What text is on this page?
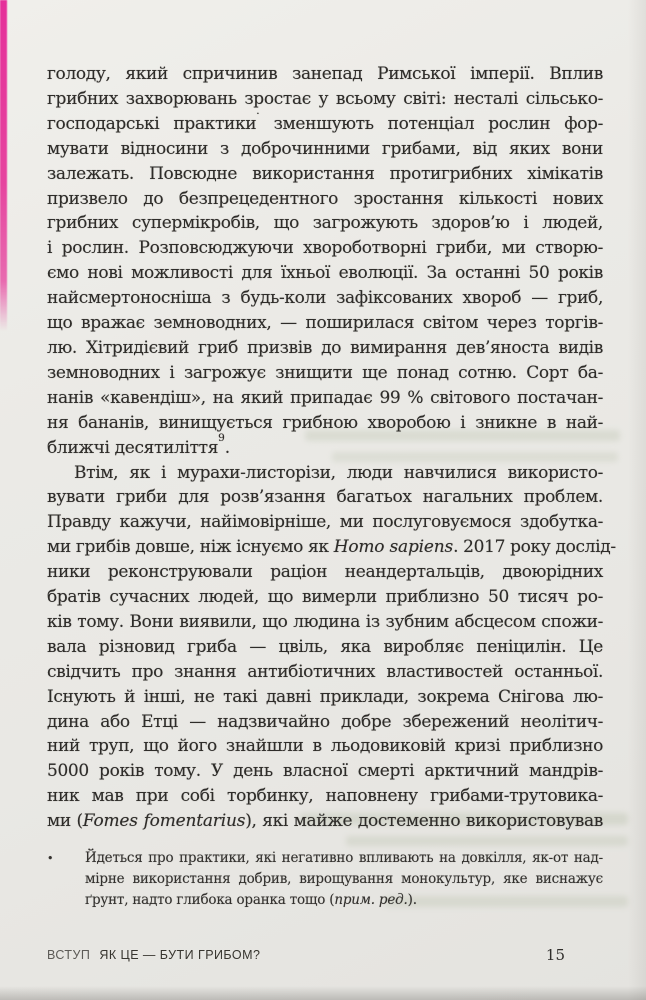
голоду, який спричинив занепад Римської імперії. Вплив
грибних захворювань зростає у всьому світі: несталі сільсько-
господарські практики· зменшують потенціал рослин фор-
мувати відносини з доброчинними грибами, від яких вони
залежать. Повсюдне використання протигрибних хімікатів
призвело до безпрецедентного зростання кількості нових
грибних супермікробів, що загрожують здоров’ю і людей,
і рослин. Розповсюджуючи хвороботворні гриби, ми створю-
ємо нові можливості для їхньої еволюції. За останні 50 років
найсмертоносніша з будь-коли зафіксованих хвороб — гриб,
що вражає земноводних, — поширилася світом через торгів-
лю. Хітридієвий гриб призвів до вимирання дев’яноста видів
земноводних і загрожує знищити ще понад сотню. Сорт ба-
нанів «кавендіш», на який припадає 99 % світового постачан-
ня бананів, винищується грибною хворобою і зникне в най-
ближчі десятиліття$^9$.
Втім, як і мурахи-листорізи, люди навчилися використо-
вувати гриби для розв’язання багатьох нагальних проблем.
Правду кажучи, найімовірніше, ми послуговуємося здобутка-
ми грибів довше, ніж існуємо як Homo sapiens. 2017 року дослід-
ники реконструювали раціон неандертальців, двоюрідних
братів сучасних людей, що вимерли приблизно 50 тисяч ро-
ків тому. Вони виявили, що людина із зубним абсцесом спожи-
вала різновид гриба — цвіль, яка виробляє пеніцилін. Це
свідчить про знання антибіотичних властивостей останньої.
Існують й інші, не такі давні приклади, зокрема Снігова лю-
дина або Етці — надзвичайно добре збережений неолітич-
ний труп, що його знайшли в льодовиковій кризі приблизно
5000 років тому. У день власної смерті арктичний мандрів-
ник мав при собі торбинку, наповнену грибами-трутовика-
ми (Fomes fomentarius), які майже достеменно використовував
• Йдеться про практики, які негативно впливають на довкілля, як-от над-
мірне використання добрив, вирощування монокультур, яке виснажує
ґрунт, надто глибока оранка тощо (прим. ред.).
ВСТУП ЯК ЦЕ — БУТИ ГРИБОМ?	15
